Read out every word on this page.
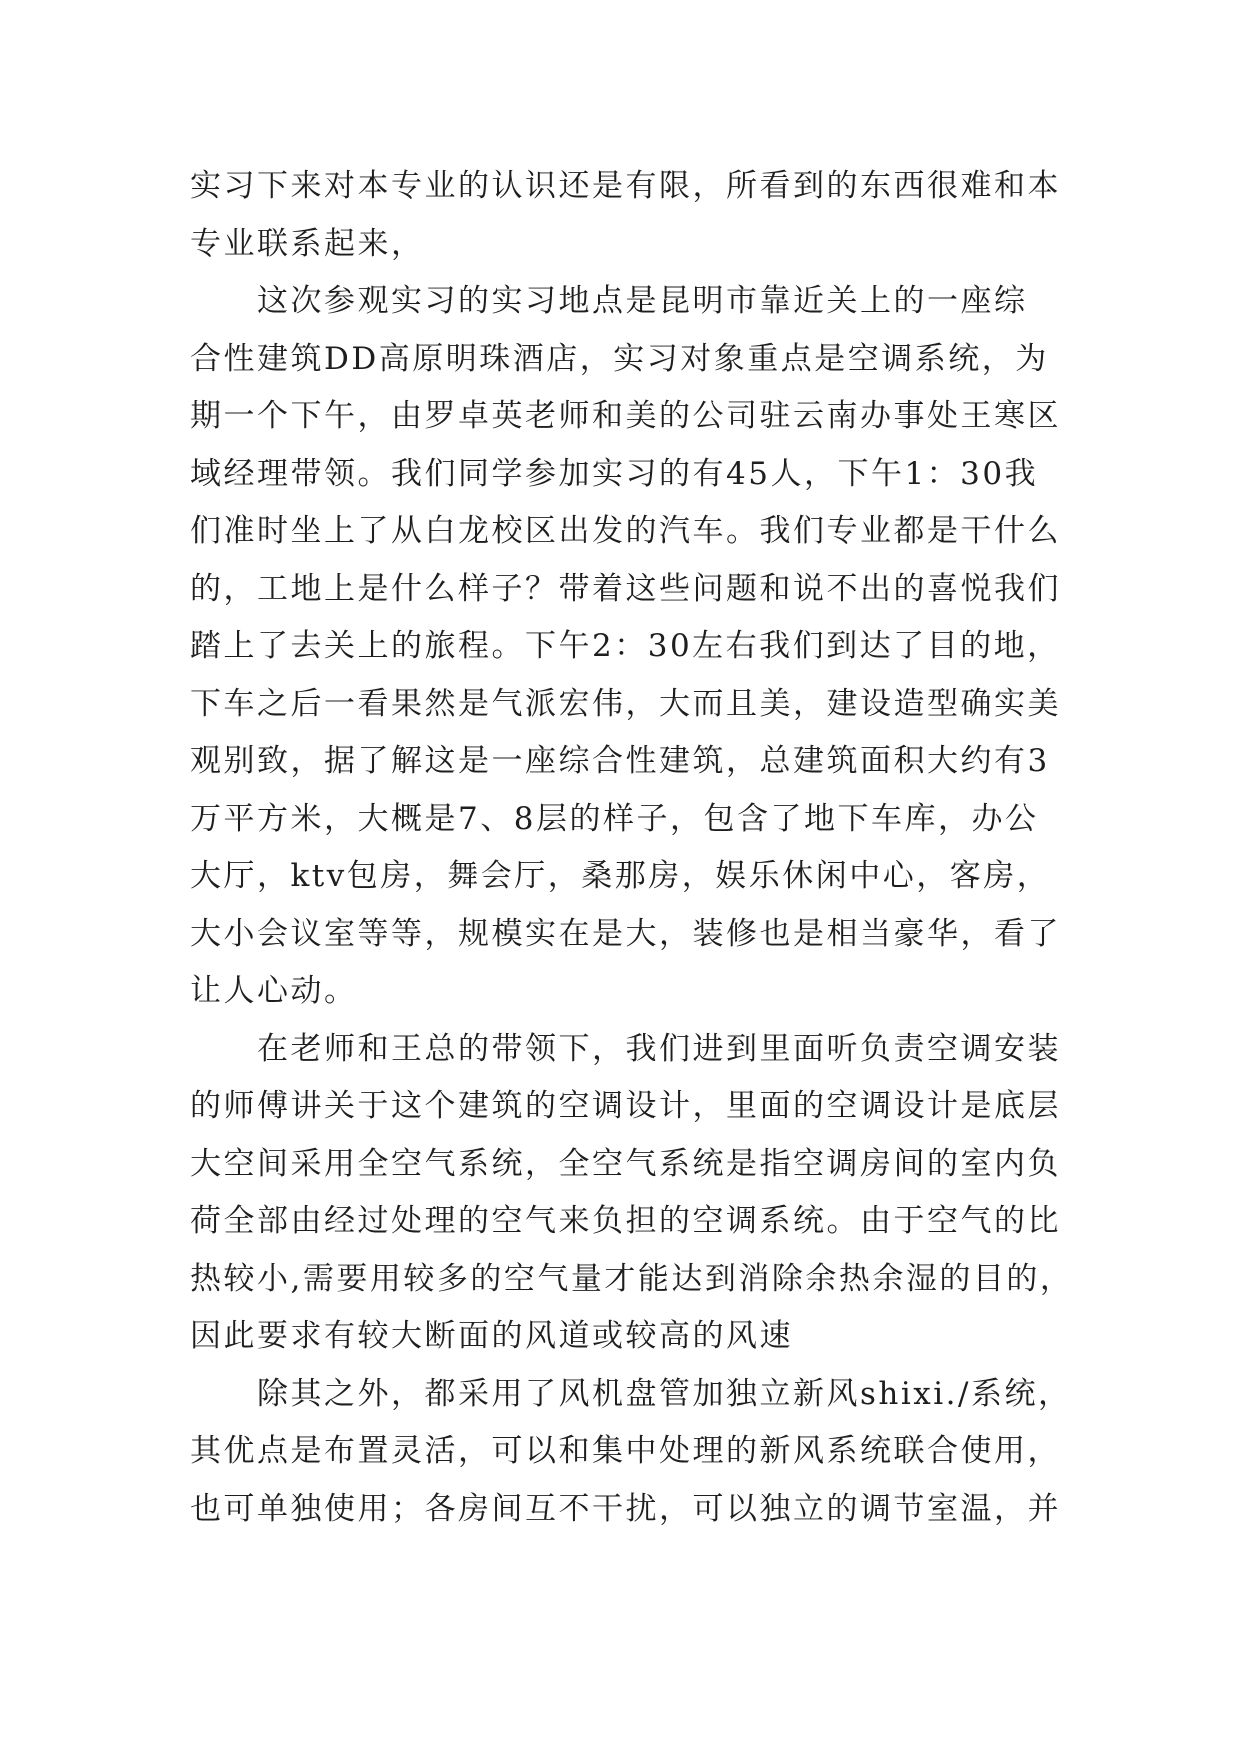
实习下来对本专业的认识还是有限，所看到的东西很难和本
专业联系起来，
　　这次参观实习的实习地点是昆明市靠近关上的一座综
合性建筑DD高原明珠酒店，实习对象重点是空调系统，为
期一个下午，由罗卓英老师和美的公司驻云南办事处王寒区
域经理带领。我们同学参加实习的有45人，下午1：30我
们准时坐上了从白龙校区出发的汽车。我们专业都是干什么
的，工地上是什么样子？带着这些问题和说不出的喜悦我们
踏上了去关上的旅程。下午2：30左右我们到达了目的地，
下车之后一看果然是气派宏伟，大而且美，建设造型确实美
观别致，据了解这是一座综合性建筑，总建筑面积大约有3
万平方米，大概是7、8层的样子，包含了地下车库，办公
大厅，ktv包房，舞会厅，桑那房，娱乐休闲中心，客房，
大小会议室等等，规模实在是大，装修也是相当豪华，看了
让人心动。
　　在老师和王总的带领下，我们进到里面听负责空调安装
的师傅讲关于这个建筑的空调设计，里面的空调设计是底层
大空间采用全空气系统，全空气系统是指空调房间的室内负
荷全部由经过处理的空气来负担的空调系统。由于空气的比
热较小,需要用较多的空气量才能达到消除余热余湿的目的，
因此要求有较大断面的风道或较高的风速
　　除其之外，都采用了风机盘管加独立新风shixi./系统，
其优点是布置灵活，可以和集中处理的新风系统联合使用，
也可单独使用；各房间互不干扰，可以独立的调节室温，并
